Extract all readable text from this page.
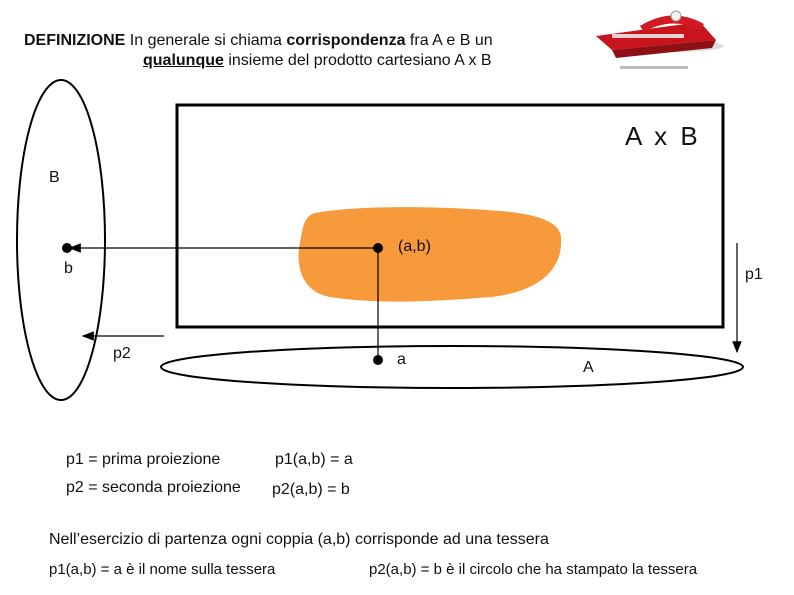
DEFINIZIONE In generale si chiama corrispondenza fra A e B un
qualunque insieme del prodotto cartesiano A x B
A x B
B
(a,b)
b	p1
p2	a	A
p1 = prima proiezione	p1(a,b) = a
p2 = seconda proiezione p2(a,b) = b
Nell’esercizio di partenza ogni coppia (a,b) corrisponde ad una tessera
p1(a,b) = a è il nome sulla tessera	p2(a,b) = b è il circolo che ha stampato la tessera
